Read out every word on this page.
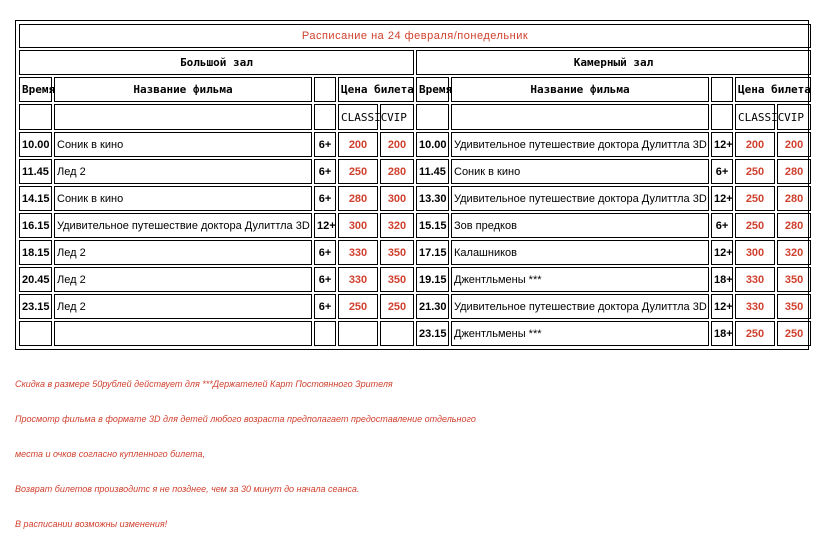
Расписание на 24 февраля/понедельник									
Большой зал					Камерный зал				
Время	Название фильма		Цена билета		Время	Название фильма		Цена билета	
			CLASSIC	VIP				CLASSIC	VIP
10.00	Соник в кино	6+	200	200	10.00	Удивительное путешествие доктора Дулиттла 3D	12+	200	200
11.45	Лед 2	6+	250	280	11.45	Соник в кино	6+	250	280
14.15	Соник в кино	6+	280	300	13.30	Удивительное путешествие доктора Дулиттла 3D	12+	250	280
16.15	Удивительное путешествие доктора Дулиттла 3D	12+	300	320	15.15	Зов предков	6+	250	280
18.15	Лед 2	6+	330	350	17.15	Калашников	12+	300	320
20.45	Лед 2	6+	330	350	19.15	Джентльмены ***	18+	330	350
23.15	Лед 2	6+	250	250	21.30	Удивительное путешествие доктора Дулиттла 3D	12+	330	350
					23.15	Джентльмены ***	18+	250	250
Скидка в размере 50рублей действует для ***Держателей Карт Постоянного Зрителя
Просмотр фильма в формате 3D для детей любого возраста предполагает предоставление отдельного
места и очков согласно купленного билета,
Возврат билетов производитс я не позднее, чем за 30 минут до начала сеанса.
В расписании возможны изменения!
